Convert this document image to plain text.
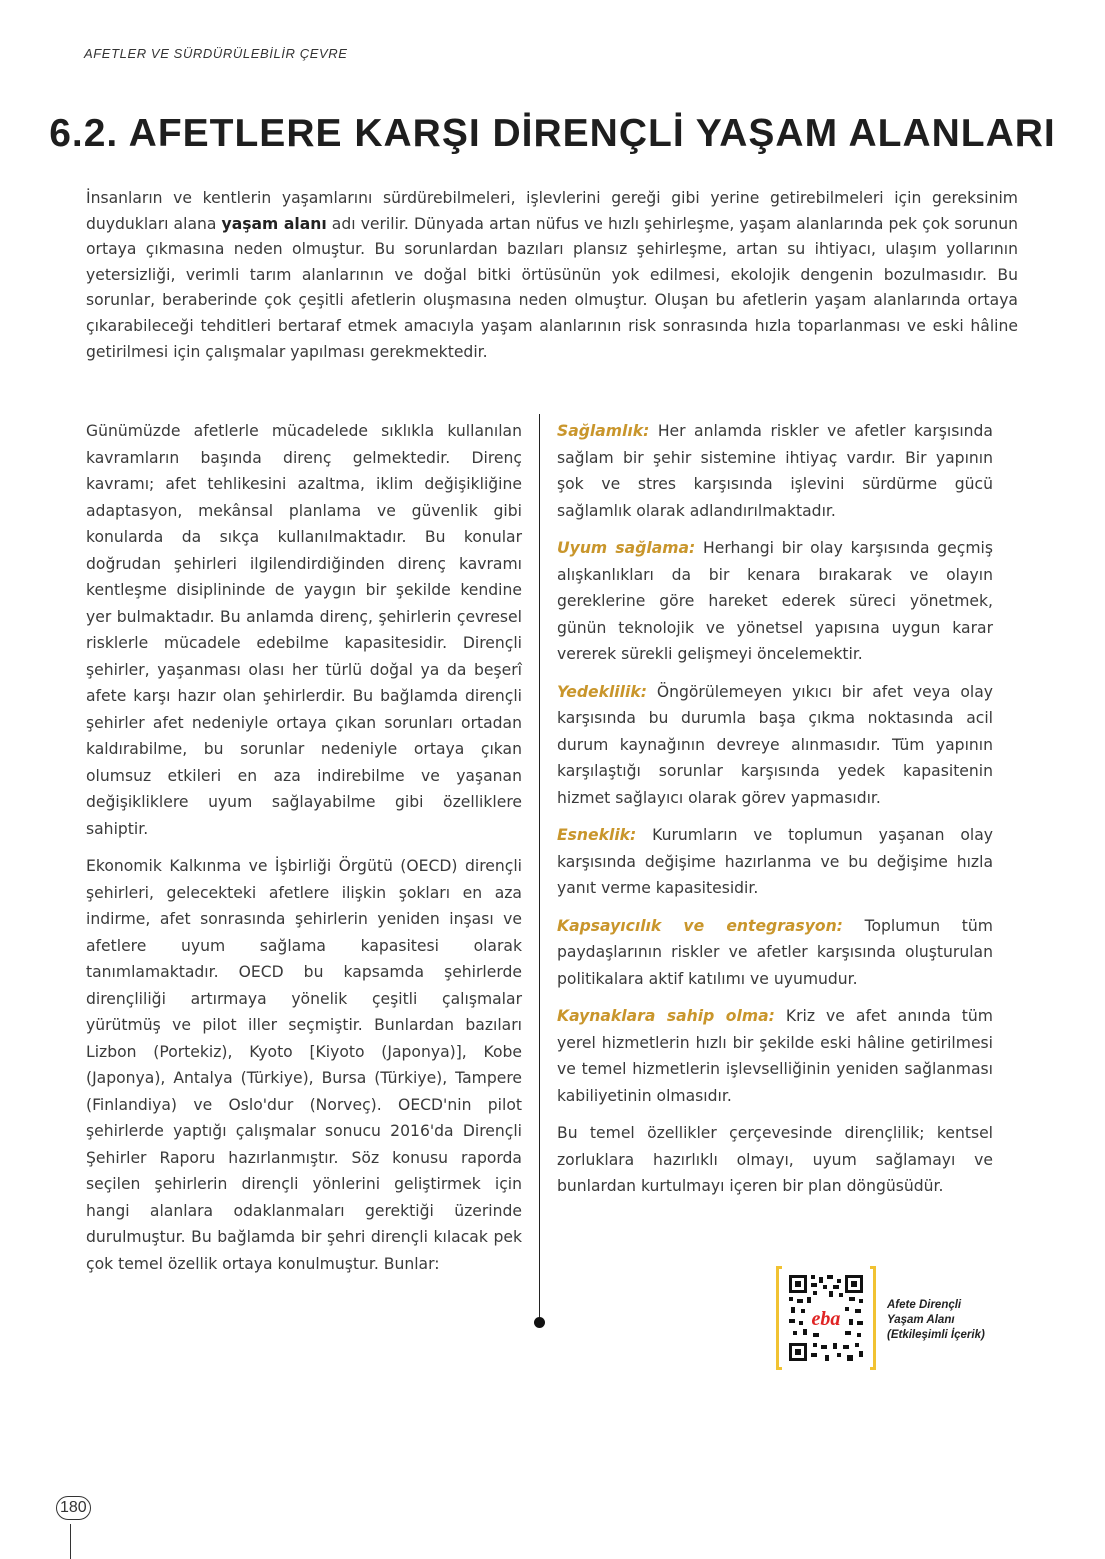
AFETLER VE SÜRDÜRÜLEBİLİR ÇEVRE
6.2. AFETLERE KARŞI DİRENÇLİ YAŞAM ALANLARI
İnsanların ve kentlerin yaşamlarını sürdürebilmeleri, işlevlerini gereği gibi yerine getirebilmeleri için gereksinim duydukları alana yaşam alanı adı verilir. Dünyada artan nüfus ve hızlı şehirleşme, yaşam alanlarında pek çok sorunun ortaya çıkmasına neden olmuştur. Bu sorunlardan bazıları plansız şehirleşme, artan su ihtiyacı, ulaşım yollarının yetersizliği, verimli tarım alanlarının ve doğal bitki örtüsünün yok edilmesi, ekolojik dengenin bozulmasıdır. Bu sorunlar, beraberinde çok çeşitli afetlerin oluşmasına neden olmuştur. Oluşan bu afetlerin yaşam alanlarında ortaya çıkarabileceği tehditleri bertaraf etmek amacıyla yaşam alanlarının risk sonrasında hızla toparlanması ve eski hâline getirilmesi için çalışmalar yapılması gerekmektedir.

Günümüzde afetlerle mücadelede sıklıkla kullanılan kavramların başında direnç gelmektedir. Direnç kavramı; afet tehlikesini azaltma, iklim değişikliğine adaptasyon, mekânsal planlama ve güvenlik gibi konularda da sıkça kullanılmaktadır. Bu konular doğrudan şehirleri ilgilendirdiğinden direnç kavramı kentleşme disiplininde de yaygın bir şekilde kendine yer bulmaktadır. Bu anlamda direnç, şehirlerin çevresel risklerle mücadele edebilme kapasitesidir. Dirençli şehirler, yaşanması olası her türlü doğal ya da beşerî afete karşı hazır olan şehirlerdir. Bu bağlamda dirençli şehirler afet nedeniyle ortaya çıkan sorunları ortadan kaldırabilme, bu sorunlar nedeniyle ortaya çıkan olumsuz etkileri en aza indirebilme ve yaşanan değişikliklere uyum sağlayabilme gibi özelliklere sahiptir.

Ekonomik Kalkınma ve İşbirliği Örgütü (OECD) dirençli şehirleri, gelecekteki afetlere ilişkin şokları en aza indirme, afet sonrasında şehirlerin yeniden inşası ve afetlere uyum sağlama kapasitesi olarak tanımlamaktadır. OECD bu kapsamda şehirlerde dirençliliği artırmaya yönelik çeşitli çalışmalar yürütmüş ve pilot iller seçmiştir. Bunlardan bazıları Lizbon (Portekiz), Kyoto [Kiyoto (Japonya)], Kobe (Japonya), Antalya (Türkiye), Bursa (Türkiye), Tampere (Finlandiya) ve Oslo'dur (Norveç). OECD'nin pilot şehirlerde yaptığı çalışmalar sonucu 2016'da Dirençli Şehirler Raporu hazırlanmıştır. Söz konusu raporda seçilen şehirlerin dirençli yönlerini geliştirmek için hangi alanlara odaklanmaları gerektiği üzerinde durulmuştur. Bu bağlamda bir şehri dirençli kılacak pek çok temel özellik ortaya konulmuştur. Bunlar:

Sağlamlık: Her anlamda riskler ve afetler karşısında sağlam bir şehir sistemine ihtiyaç vardır. Bir yapının şok ve stres karşısında işlevini sürdürme gücü sağlamlık olarak adlandırılmaktadır.

Uyum sağlama: Herhangi bir olay karşısında geçmiş alışkanlıkları da bir kenara bırakarak ve olayın gereklerine göre hareket ederek süreci yönetmek, günün teknolojik ve yönetsel yapısına uygun karar vererek sürekli gelişmeyi öncelemektir.

Yedeklilik: Öngörülemeyen yıkıcı bir afet veya olay karşısında bu durumla başa çıkma noktasında acil durum kaynağının devreye alınmasıdır. Tüm yapının karşılaştığı sorunlar karşısında yedek kapasitenin hizmet sağlayıcı olarak görev yapmasıdır.

Esneklik: Kurumların ve toplumun yaşanan olay karşısında değişime hazırlanma ve bu değişime hızla yanıt verme kapasitesidir.

Kapsayıcılık ve entegrasyon: Toplumun tüm paydaşlarının riskler ve afetler karşısında oluşturulan politikalara aktif katılımı ve uyumudur.

Kaynaklara sahip olma: Kriz ve afet anında tüm yerel hizmetlerin hızlı bir şekilde eski hâline getirilmesi ve temel hizmetlerin işlevselliğinin yeniden sağlanması kabiliyetinin olmasıdır.

Bu temel özellikler çerçevesinde dirençlilik; kentsel zorluklara hazırlıklı olmayı, uyum sağlamayı ve bunlardan kurtulmayı içeren bir plan döngüsüdür.

eba
Afete Dirençli
Yaşam Alanı
(Etkileşimli İçerik)
180
